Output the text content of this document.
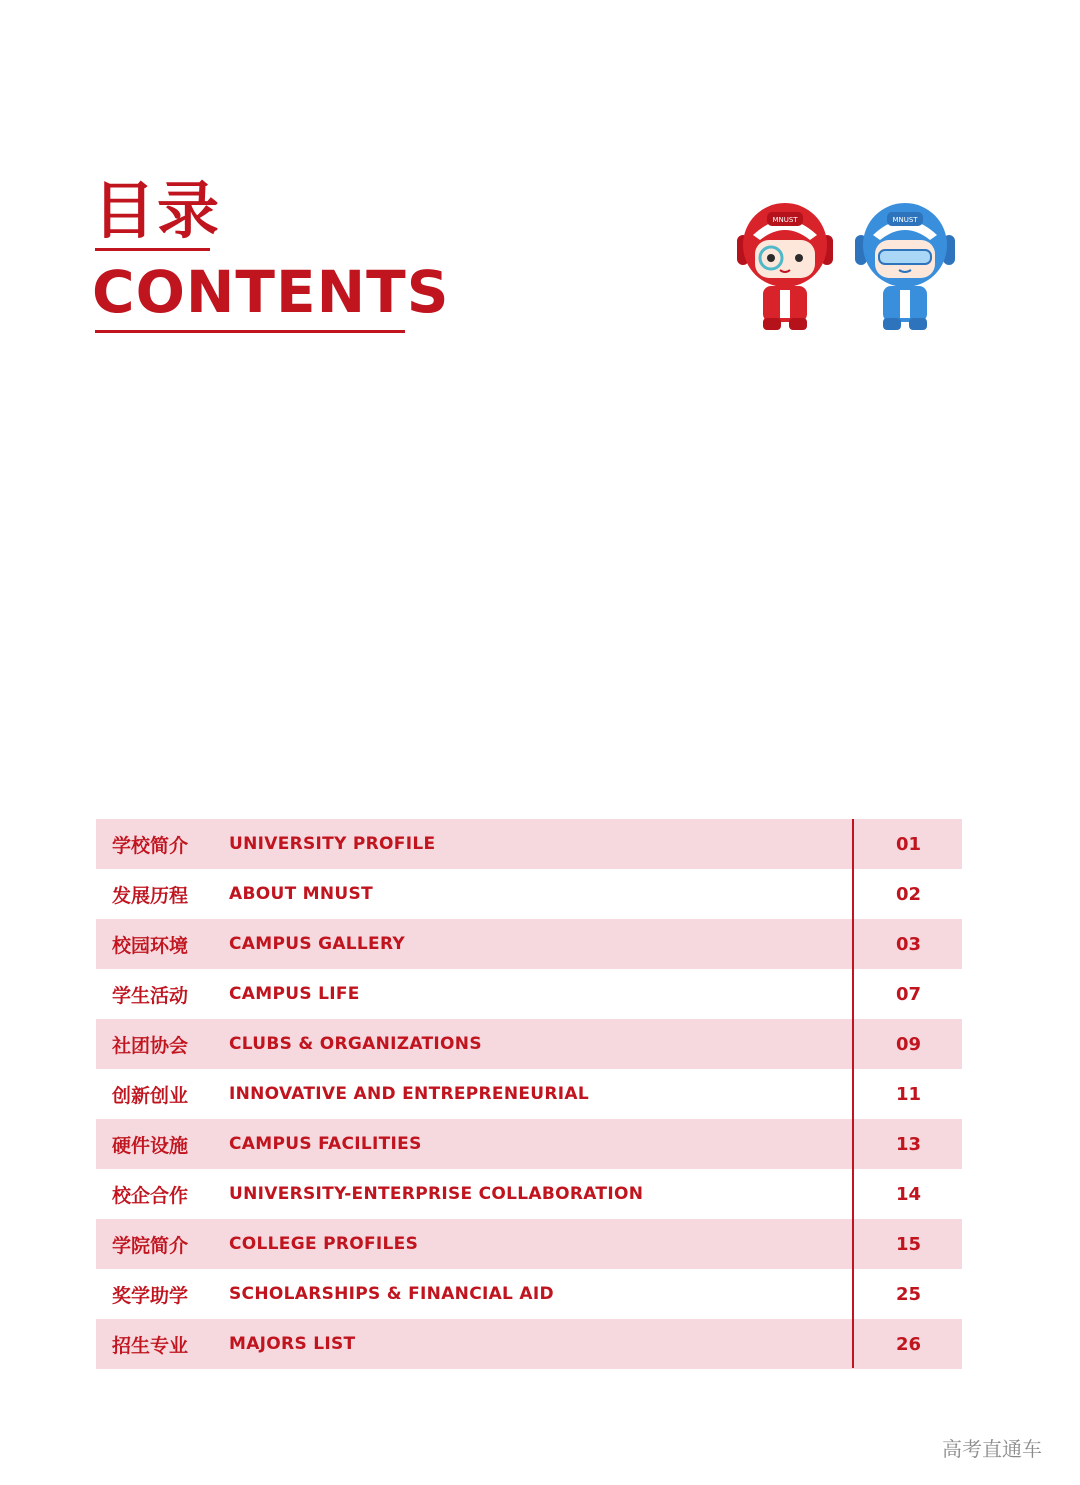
目录
CONTENTS
MNUST	MNUST
学校简介 UNIVERSITY PROFILE	01
发展历程 ABOUT MNUST	02
校园环境 CAMPUS GALLERY	03
学生活动 CAMPUS LIFE	07
社团协会 CLUBS & ORGANIZATIONS	09
创新创业 INNOVATIVE AND ENTREPRENEURIAL	11
硬件设施 CAMPUS FACILITIES	13
校企合作 UNIVERSITY-ENTERPRISE COLLABORATION	14
学院简介 COLLEGE PROFILES	15
奖学助学 SCHOLARSHIPS & FINANCIAL AID	25
招生专业 MAJORS LIST	26
高考直通车
